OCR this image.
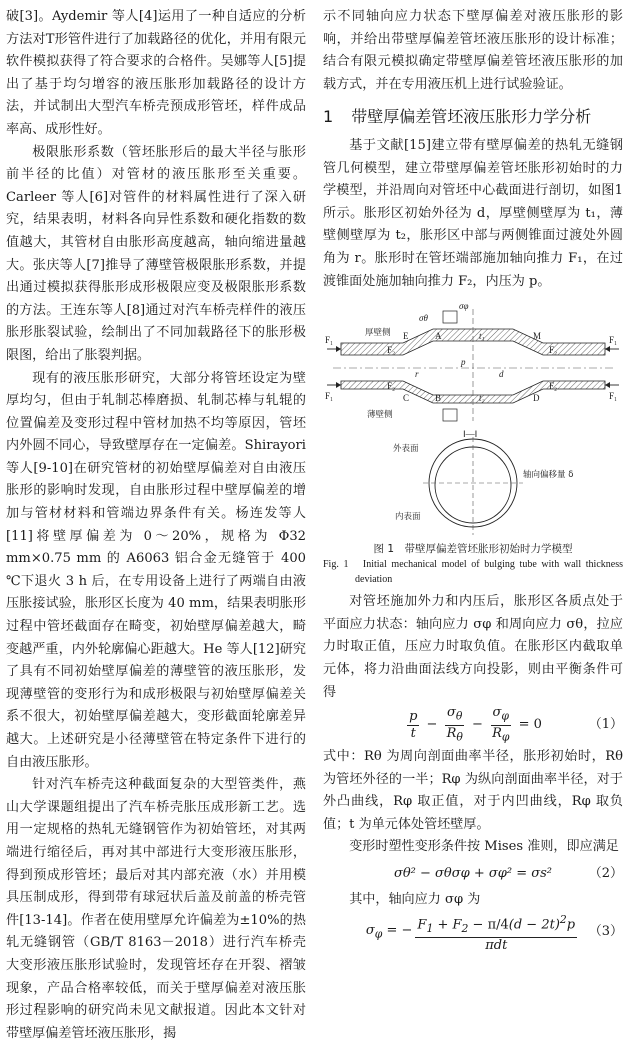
破[3]。Aydemir 等人[4]运用了一种自适应的分析方法对T形管件进行了加载路径的优化，并用有限元软件模拟获得了符合要求的合格件。吴娜等人[5]提出了基于均匀增容的液压胀形加载路径的设计方法，并试制出大型汽车桥壳预成形管坯，样件成品率高、成形性好。

极限胀形系数（管坯胀形后的最大半径与胀形前半径的比值）对管材的液压胀形至关重要。Carleer 等人[6]对管件的材料属性进行了深入研究，结果表明，材料各向异性系数和硬化指数的数值越大，其管材自由胀形高度越高，轴向缩进量越大。张庆等人[7]推导了薄壁管极限胀形系数，并提出通过模拟获得胀形成形极限应变及极限胀形系数的方法。王连东等人[8]通过对汽车桥壳样件的液压胀形胀裂试验，绘制出了不同加载路径下的胀形极限图，给出了胀裂判据。

现有的液压胀形研究，大部分将管坯设定为壁厚均匀，但由于轧制芯棒磨损、轧制芯棒与轧辊的位置偏差及变形过程中管材加热不均等原因，管坯内外圆不同心，导致壁厚存在一定偏差。Shirayori 等人[9-10]在研究管材的初始壁厚偏差对自由液压胀形的影响时发现，自由胀形过程中壁厚偏差的增加与管材材料和管端边界条件有关。杨连发等人[11]将壁厚偏差为 0～20%，规格为 Φ32 mm×0.75 mm 的 A6063 铝合金无缝管于 400 ℃下退火 3 h 后，在专用设备上进行了两端自由液压胀接试验，胀形区长度为 40 mm，结果表明胀形过程中管坯截面存在畸变，初始壁厚偏差越大，畸变越严重，内外轮廓偏心距越大。He 等人[12]研究了具有不同初始壁厚偏差的薄壁管的液压胀形，发现薄壁管的变形行为和成形极限与初始壁厚偏差关系不很大，初始壁厚偏差越大，变形截面轮廓差异越大。上述研究是小径薄壁管在特定条件下进行的自由液压胀形。

针对汽车桥壳这种截面复杂的大型管类件，燕山大学课题组提出了汽车桥壳胀压成形新工艺。选用一定规格的热轧无缝钢管作为初始管坯，对其两端进行缩径后，再对其中部进行大变形液压胀形，得到预成形管坯；最后对其内部充液（水）并用模具压制成形，得到带有球冠状后盖及前盖的桥壳管件[13-14]。作者在使用壁厚允许偏差为±10%的热轧无缝钢管（GB/T 8163－2018）进行汽车桥壳大变形液压胀形试验时，发现管坯存在开裂、褶皱现象，产品合格率较低，而关于壁厚偏差对液压胀形过程影响的研究尚未见文献报道。因此本文针对带壁厚偏差管坯液压胀形，揭

示不同轴向应力状态下壁厚偏差对液压胀形的影响，并给出带壁厚偏差管坯液压胀形的设计标准；结合有限元模拟确定带壁厚偏差管坯液压胀形的加载方式，并在专用液压机上进行试验验证。

1 带壁厚偏差管坯液压胀形力学分析

基于文献[15]建立带有壁厚偏差的热轧无缝钢管几何模型，建立带壁厚偏差管坯胀形初始时的力学模型，并沿周向对管坯中心截面进行剖切，如图1所示。胀形区初始外径为 d，厚壁侧壁厚为 t₁，薄壁侧壁厚为 t₂，胀形区中部与两侧锥面过渡处外圆角为 r。胀形时在管坯端部施加轴向推力 F₁，在过渡锥面处施加轴向推力 F₂，内压为 p。

厚壁侧
薄壁侧
F₁
F₁
F₁
F₁
F₂	F₂
F₂	F₂
p
r	d
t₁
t₂
σφ
σθ
A
B
C	D
E	M
Ⅰ—Ⅰ
外表面
内表面
轴向偏移量 δ
图 1　带壁厚偏差管坯胀形初始时力学模型
Fig. 1　Initial mechanical model of bulging tube with wall thickness deviation

对管坯施加外力和内压后，胀形区各质点处于平面应力状态：轴向应力 σφ 和周向应力 σθ，拉应力时取正值，压应力时取负值。在胀形区内截取单元体，将力沿曲面法线方向投影，则由平衡条件可得

$\frac{p}{t} - \frac{\sigma_\theta}{R_\theta} - \frac{\sigma_\varphi}{R_\varphi} = 0$	（1）

式中：Rθ 为周向剖面曲率半径，胀形初始时，Rθ 为管坯外径的一半；Rφ 为纵向剖面曲率半径，对于外凸曲线，Rφ 取正值，对于内凹曲线，Rφ 取负值；t 为单元体处管坯壁厚。

变形时塑性变形条件按 Mises 准则，即应满足

σθ² − σθσφ + σφ² = σs²	（2）

其中，轴向应力 σφ 为

$\sigma_\varphi$ = − $\frac{F_1 + F_2 - \pi/4(d - 2t)^2p}{\text{πdt}} (3)$
